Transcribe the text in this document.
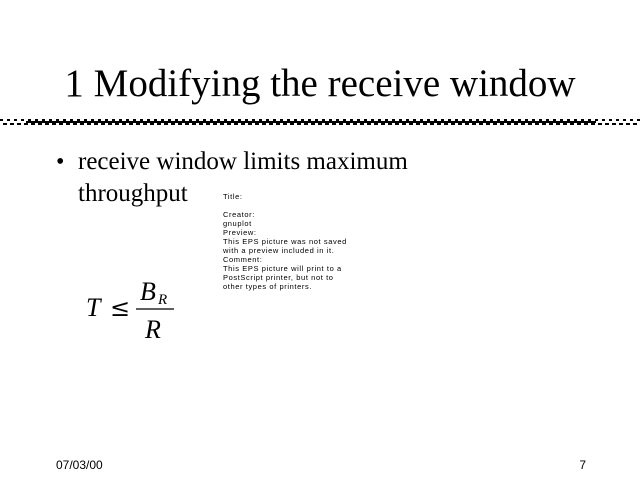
1 Modifying the receive window
• receive window limits maximum throughput	Title:
Creator:
gnuplot
Preview:
This EPS picture was not saved
with a preview included in it.
Comment:
This EPS picture will print to a
PostScript printer, but not to
other types of printers.
T ≤
B R
R
07/03/00	7
